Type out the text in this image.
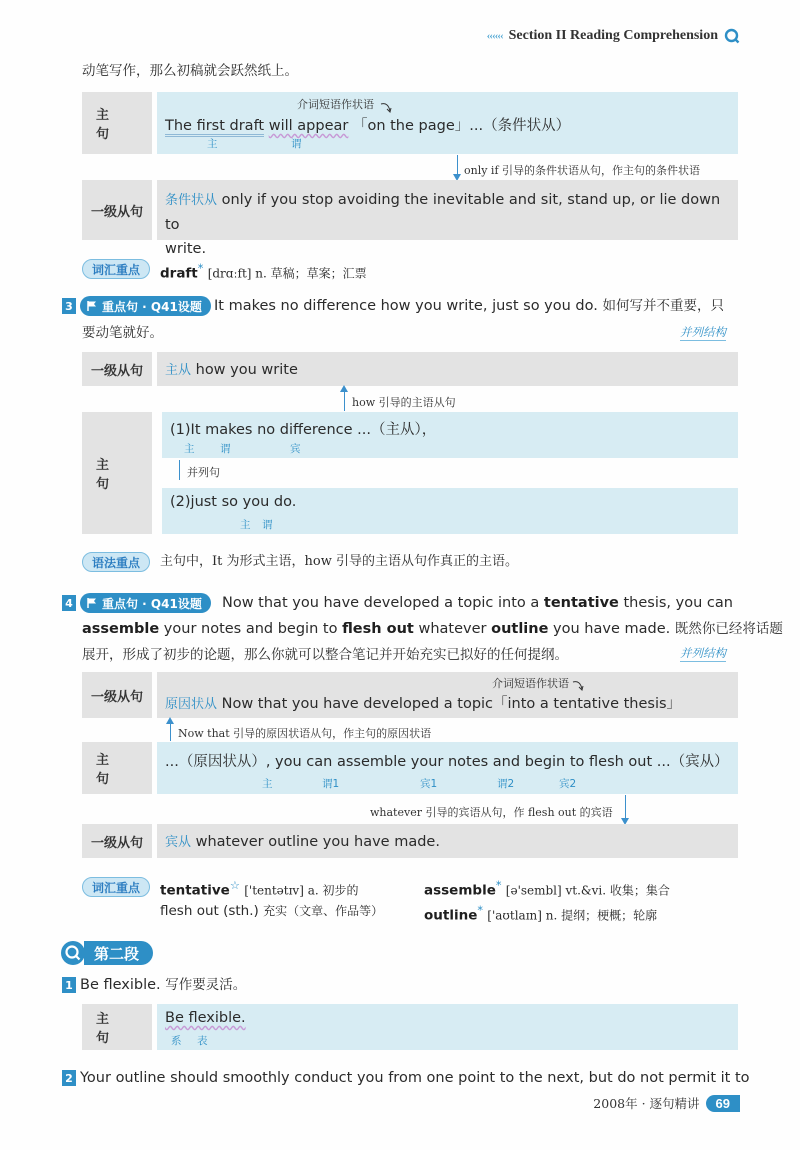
‹‹‹‹‹‹ Section II Reading Comprehension
动笔写作，那么初稿就会跃然纸上。
主 句
介词短语作状语
The first draft will appear 「on the page」...（条件状从）
主	谓
only if 引导的条件状语从句，作主句的条件状语
一级从句
条件状从 only if you stop avoiding the inevitable and sit, stand up, or lie down to
write.
词汇重点	draft* [drɑːft] n. 草稿；草案；汇票
3 重点句 · Q41设题 It makes no difference how you write, just so you do. 如何写并不重要，只
要动笔就好。	并列结构
一级从句	主从 how you write
how 引导的主语从句
主 句
(1)It makes no difference ...（主从），
主 谓	宾
并列句
(2)just so you do.
主 谓
语法重点	主句中，It 为形式主语，how 引导的主语从句作真正的主语。
4 重点句 · Q41设题 Now that you have developed a topic into a tentative thesis, you can
assemble your notes and begin to flesh out whatever outline you have made. 既然你已经将话题
展开，形成了初步的论题，那么你就可以整合笔记并开始充实已拟好的任何提纲。	并列结构
一级从句
介词短语作状语
原因状从 Now that you have developed a topic「into a tentative thesis」
Now that 引导的原因状语从句，作主句的原因状语
主 句
...（原因状从）, you can assemble your notes and begin to flesh out ...（宾从）
主	谓1	宾1	谓2	宾2
whatever 引导的宾语从句，作 flesh out 的宾语
一级从句	宾从 whatever outline you have made.
词汇重点	tentative☆ ['tentətɪv] a. 初步的	assemble* [ə'sembl] vt.&vi. 收集；集合
flesh out (sth.) 充实（文章、作品等）	outline* ['aʊtlaɪn] n. 提纲；梗概；轮廓
第二段
1 Be flexible. 写作要灵活。
主 句
Be flexible.
系 表
2 Your outline should smoothly conduct you from one point to the next, but do not permit it to
2008年 · 逐句精讲	69
